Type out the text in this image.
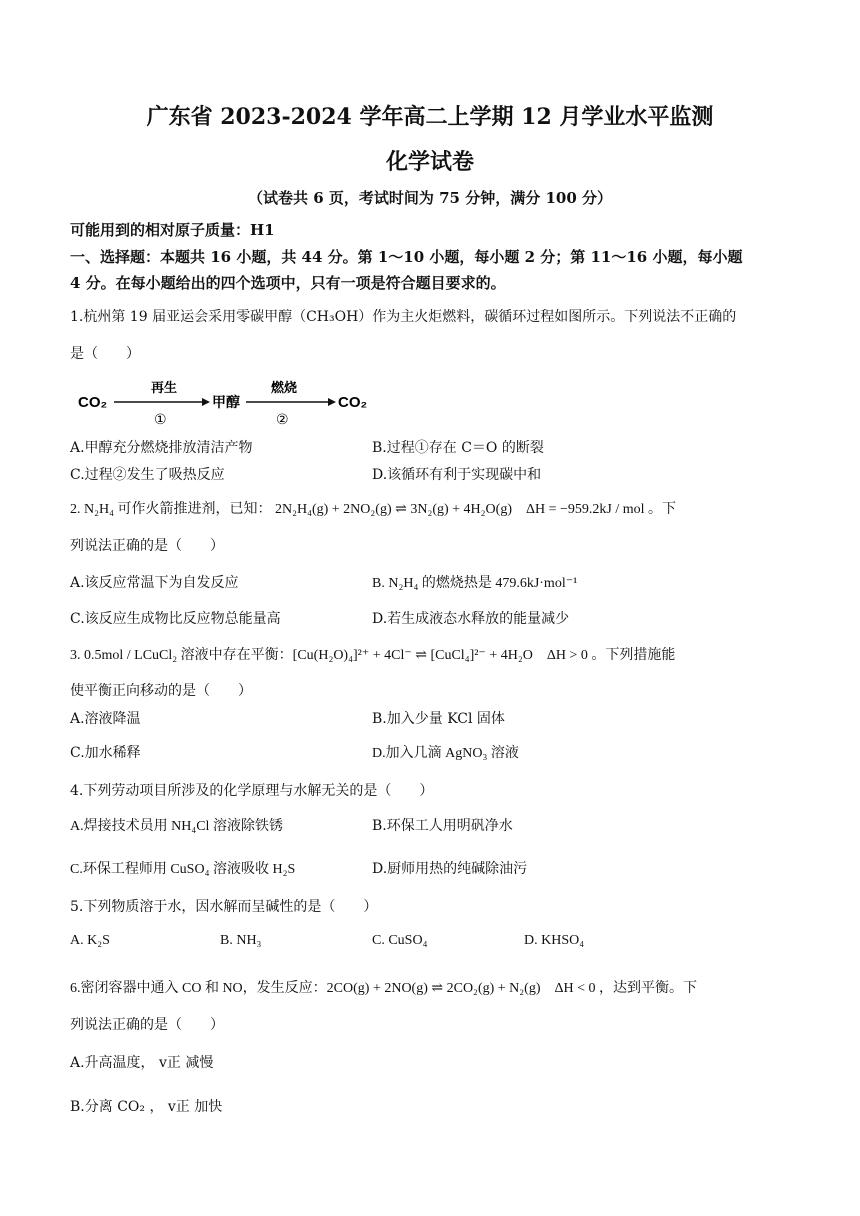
广东省 2023-2024 学年高二上学期 12 月学业水平监测
化学试卷
（试卷共 6 页，考试时间为 75 分钟，满分 100 分）
可能用到的相对原子质量：H1
一、选择题：本题共 16 小题，共 44 分。第 1～10 小题，每小题 2 分；第 11～16 小题，每小题
4 分。在每小题给出的四个选项中，只有一项是符合题目要求的。
1.杭州第 19 届亚运会采用零碳甲醇（CH₃OH）作为主火炬燃料，碳循环过程如图所示。下列说法不正确的
是（　　）
CO₂
再生
①
甲醇
燃烧
②
CO₂
A.甲醇充分燃烧排放清洁产物	B.过程①存在 C＝O 的断裂
C.过程②发生了吸热反应	D.该循环有利于实现碳中和
2. N₂H₄ 可作火箭推进剂，已知： 2N₂H₄(g) + 2NO₂(g) ⇌ 3N₂(g) + 4H₂O(g)　ΔH = −959.2kJ / mol 。下
列说法正确的是（　　）
A.该反应常温下为自发反应	B. N₂H₄ 的燃烧热是 479.6kJ·mol⁻¹
C.该反应生成物比反应物总能量高	D.若生成液态水释放的能量减少
3. 0.5mol / LCuCl₂ 溶液中存在平衡：[Cu(H₂O)₄]²⁺ + 4Cl⁻ ⇌ [CuCl₄]²⁻ + 4H₂O　ΔH > 0 。下列措施能
使平衡正向移动的是（　　）
A.溶液降温	B.加入少量 KCl 固体
C.加水稀释	D.加入几滴 AgNO₃ 溶液
4.下列劳动项目所涉及的化学原理与水解无关的是（　　）
A.焊接技术员用 NH₄Cl 溶液除铁锈	B.环保工人用明矾净水
C.环保工程师用 CuSO₄ 溶液吸收 H₂S	D.厨师用热的纯碱除油污
5.下列物质溶于水，因水解而呈碱性的是（　　）
A. K₂S	B. NH₃	C. CuSO₄	D. KHSO₄
6.密闭容器中通入 CO 和 NO，发生反应：2CO(g) + 2NO(g) ⇌ 2CO₂(g) + N₂(g)　ΔH < 0 ，达到平衡。下
列说法正确的是（　　）
A.升高温度， v正 减慢
B.分离 CO₂ ， v正 加快
